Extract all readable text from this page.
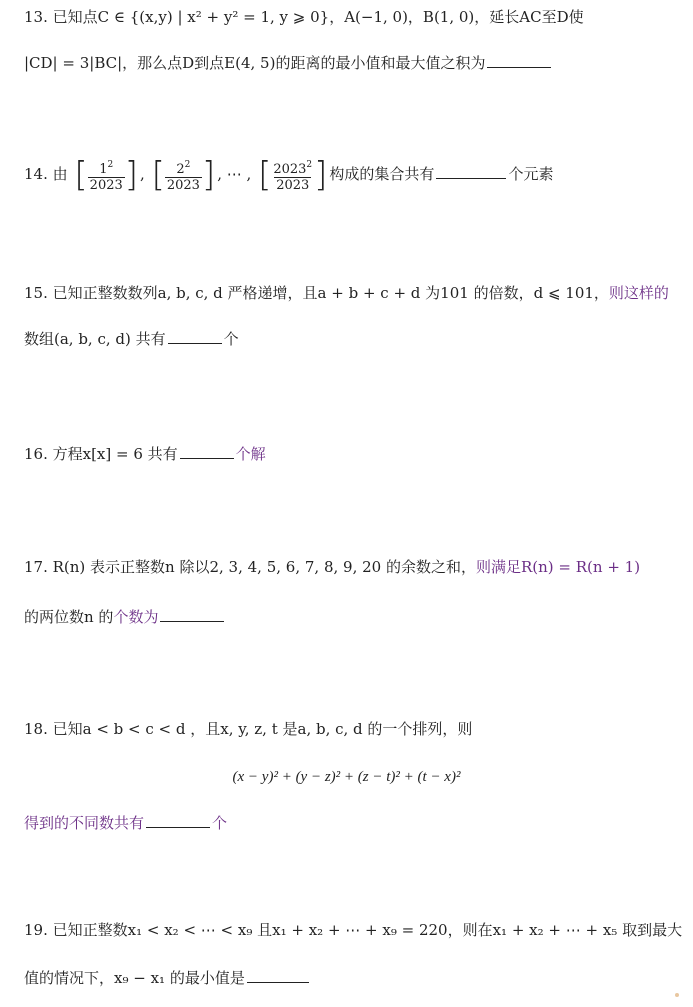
13. 已知点C ∈ {(x,y) | x² + y² = 1, y ⩾ 0}，A(−1, 0)，B(1, 0)，延长AC至D使
|CD| = 3|BC|，那么点D到点E(4, 5)的距离的最小值和最大值之积为
14. 由 [ $\frac{1^2}{2023}$ ] , [ $\frac{2^2}{2023}$ ] , ⋯ , [ $\frac{2023^2}{2023}$ ] 构成的集合共有	个元素
15. 已知正整数数列a, b, c, d 严格递增，且a + b + c + d 为101 的倍数，d ⩽ 101，则这样的
数组(a, b, c, d) 共有	个
16. 方程x[x] = 6 共有	个解
17. R(n) 表示正整数n 除以2, 3, 4, 5, 6, 7, 8, 9, 20 的余数之和，则满足R(n) = R(n + 1)
的两位数n 的个数为
18. 已知a < b < c < d ，且x, y, z, t 是a, b, c, d 的一个排列，则
(x − y)² + (y − z)² + (z − t)² + (t − x)²
得到的不同数共有	个
19. 已知正整数x₁ < x₂ < ⋯ < x₉ 且x₁ + x₂ + ⋯ + x₉ = 220，则在x₁ + x₂ + ⋯ + x₅ 取到最大
值的情况下，x₉ − x₁ 的最小值是
